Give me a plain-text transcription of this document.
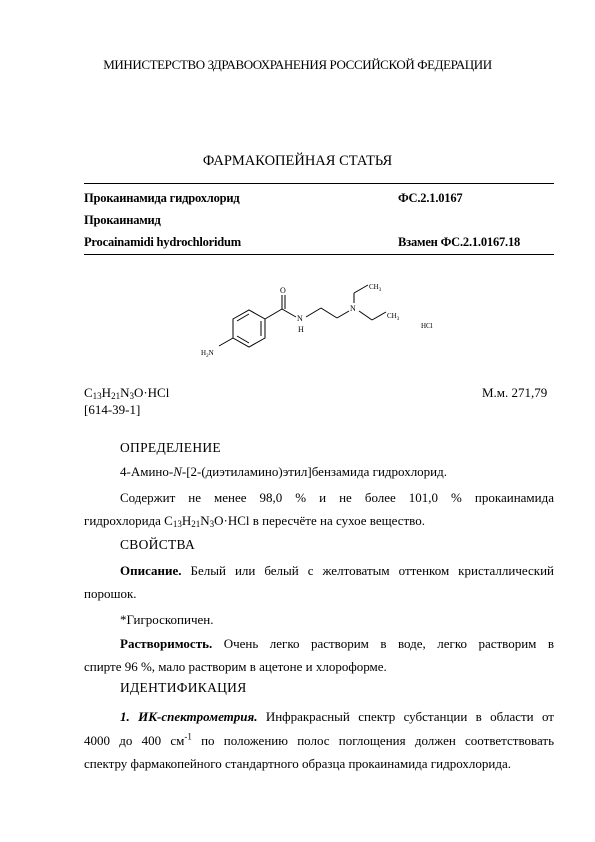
МИНИСТЕРСТВО ЗДРАВООХРАНЕНИЯ РОССИЙСКОЙ ФЕДЕРАЦИИ
ФАРМАКОПЕЙНАЯ СТАТЬЯ
Прокаинамида гидрохлорид	ФС.2.1.0167
Прокаинамид
Procainamidi hydrochloridum	Взамен ФС.2.1.0167.18
O
N
H
N
$CH_3$
$CH_3$
$H_2N$
HCl
$C_{13}H_{21}N_3O\cdot HCl$	М.м. 271,79
[614-39-1]
ОПРЕДЕЛЕНИЕ
4-Амино-N-[2-(диэтиламино)этил]бензамида гидрохлорид.
Содержит не менее 98,0 % и не более 101,0 % прокаинамида
гидрохлорида $C_{13}H_{21}N_3O\cdot HCl$ в пересчёте на сухое вещество.
СВОЙСТВА
Описание. Белый или белый с желтоватым оттенком кристаллический
порошок.
*Гигроскопичен.
Растворимость. Очень легко растворим в воде, легко растворим в
спирте 96 %, мало растворим в ацетоне и хлороформе.
ИДЕНТИФИКАЦИЯ
1. ИК-спектрометрия. Инфракрасный спектр субстанции в области от
4000 до 400 $см^{-1}$ по положению полос поглощения должен соответствовать
спектру фармакопейного стандартного образца прокаинамида гидрохлорида.
